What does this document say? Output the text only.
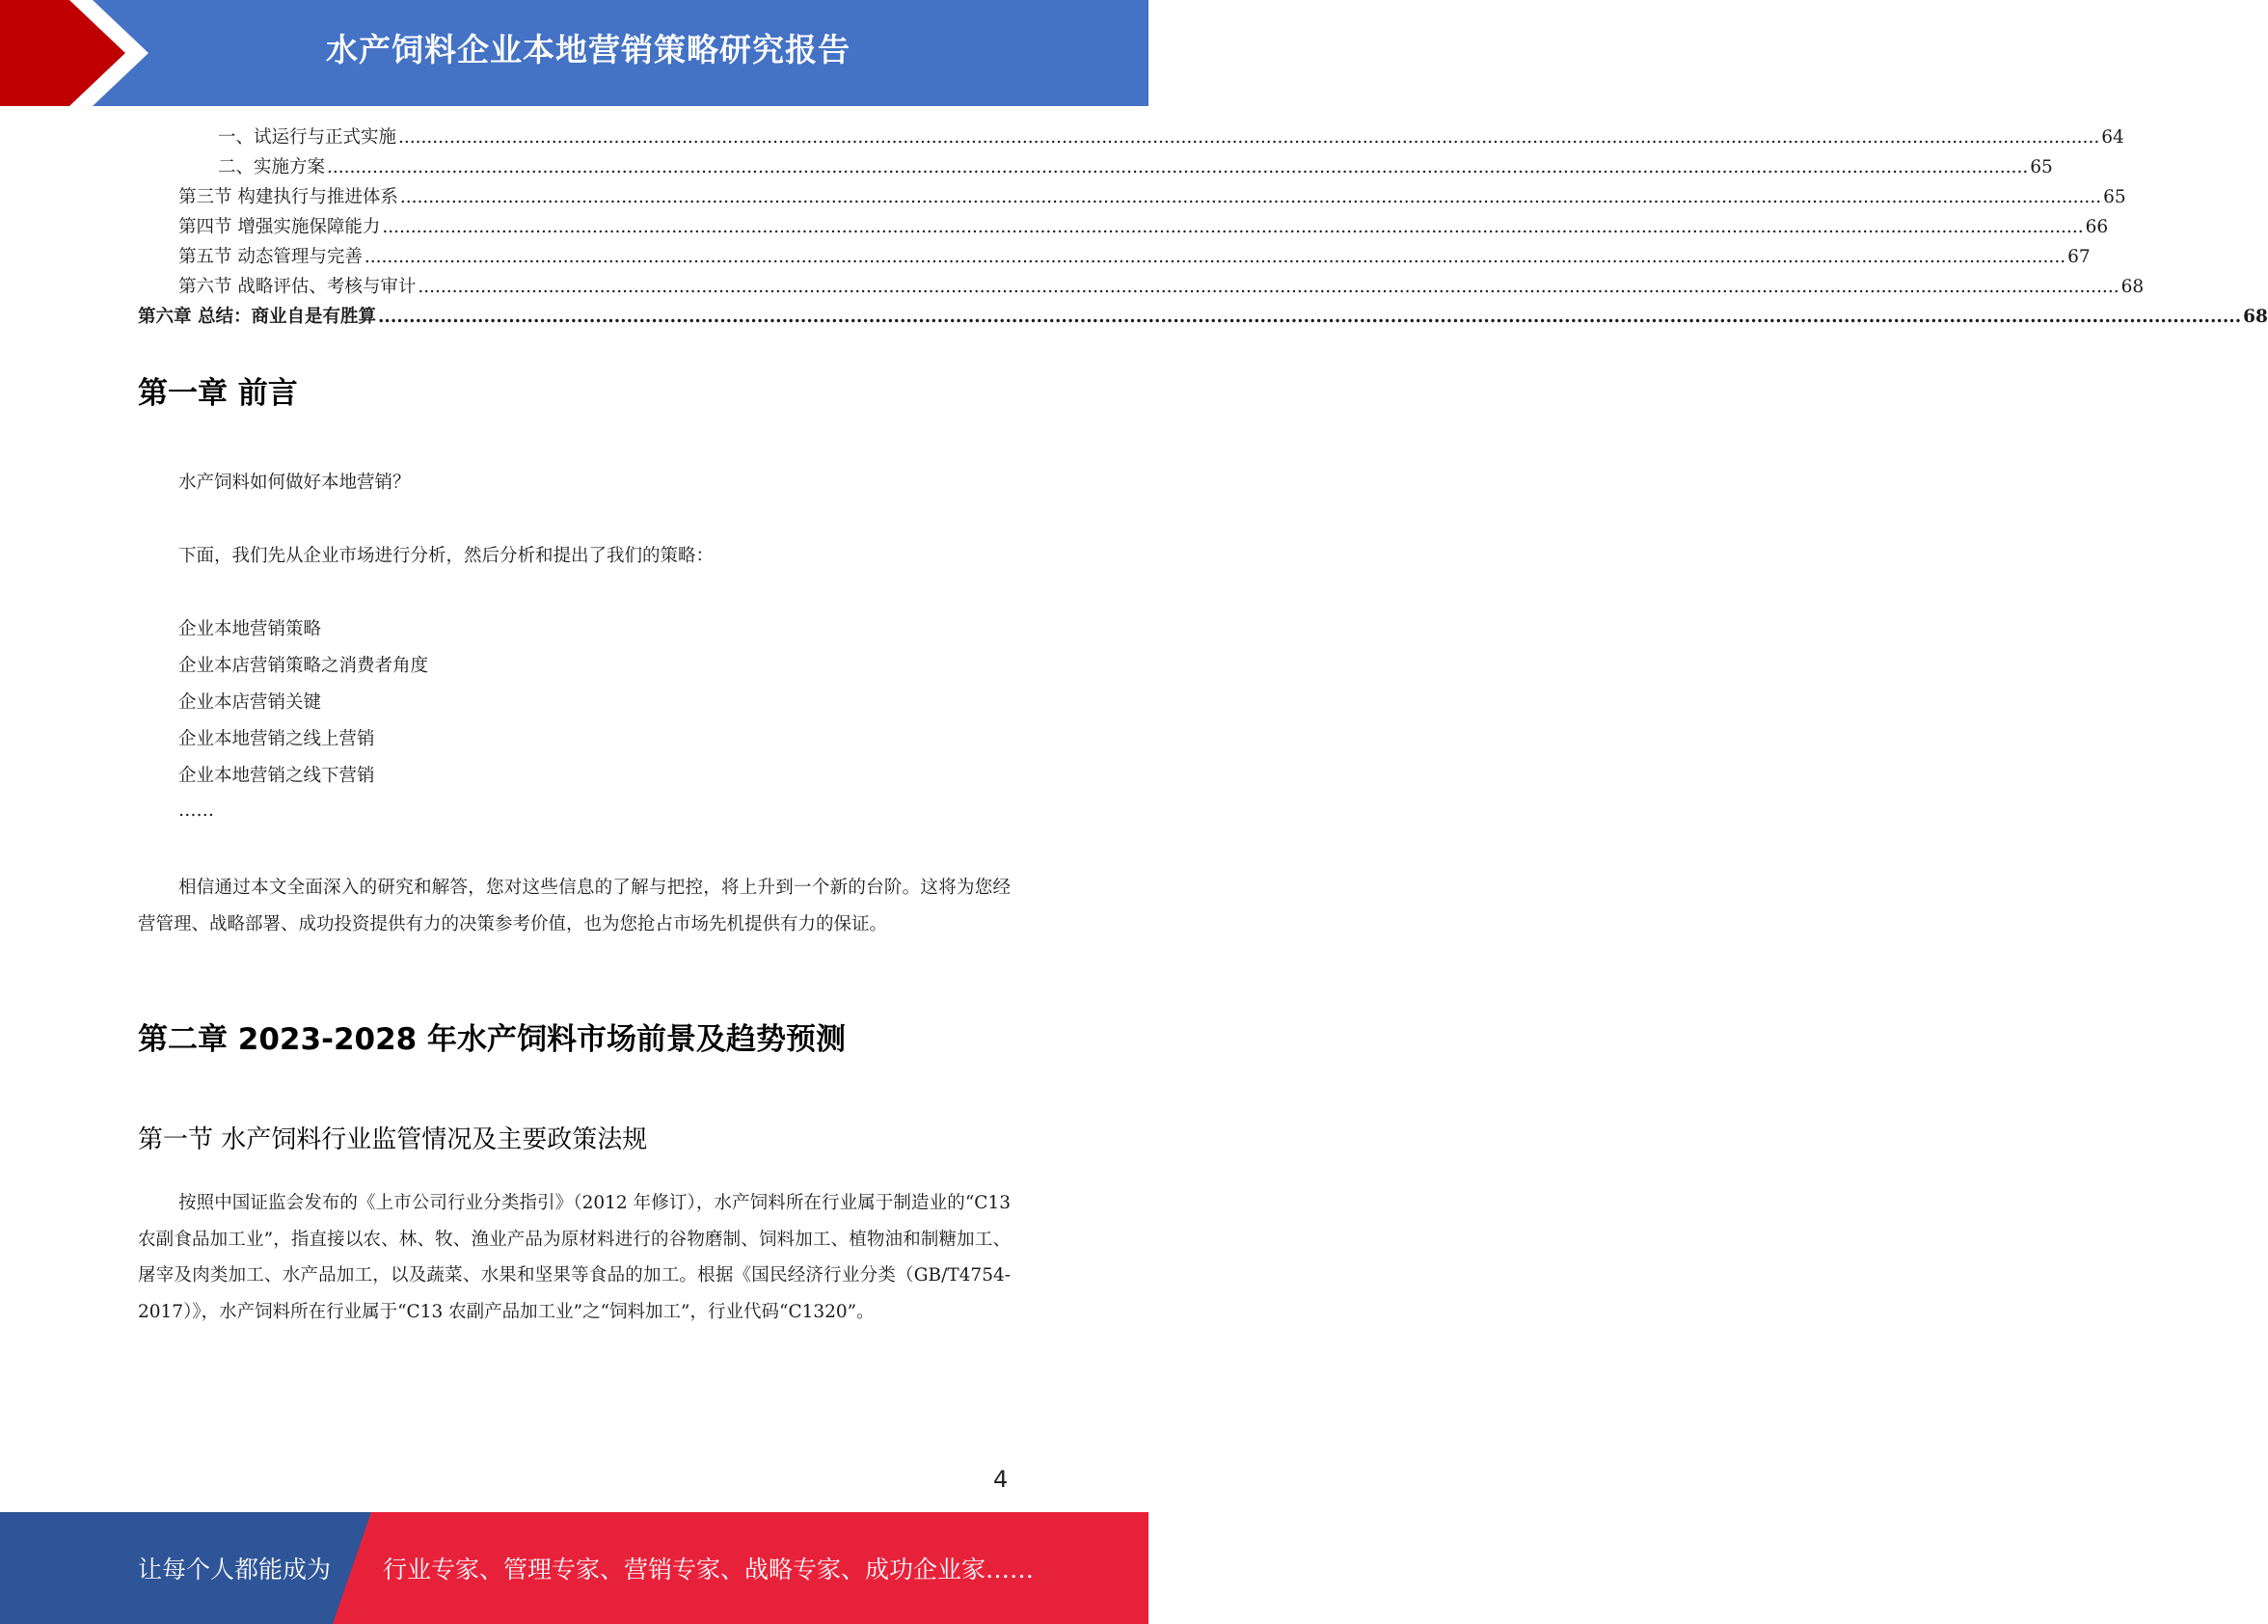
水产饲料企业本地营销策略研究报告
一、试运行与正式实施 ............................................................................................................................................................................................................................................................................................................ 64
二、实施方案 ............................................................................................................................................................................................................................................................................................................ 65
第三节 构建执行与推进体系 ............................................................................................................................................................................................................................................................................................................ 65
第四节 增强实施保障能力 ............................................................................................................................................................................................................................................................................................................ 66
第五节 动态管理与完善 ............................................................................................................................................................................................................................................................................................................ 67
第六节 战略评估、考核与审计 ............................................................................................................................................................................................................................................................................................................ 68
第六章 总结：商业自是有胜算 ............................................................................................................................................................................................................................................................................................................ 68
第一章 前言
水产饲料如何做好本地营销？
下面，我们先从企业市场进行分析，然后分析和提出了我们的策略：
企业本地营销策略
企业本店营销策略之消费者角度
企业本店营销关键
企业本地营销之线上营销
企业本地营销之线下营销
……
相信通过本文全面深入的研究和解答，您对这些信息的了解与把控，将上升到一个新的台阶。这将为您经营管理、战略部署、成功投资提供有力的决策参考价值，也为您抢占市场先机提供有力的保证。
第二章 2023-2028 年水产饲料市场前景及趋势预测
第一节 水产饲料行业监管情况及主要政策法规
按照中国证监会发布的《上市公司行业分类指引》（2012 年修订），水产饲料所在行业属于制造业的“C13 农副食品加工业”，指直接以农、林、牧、渔业产品为原材料进行的谷物磨制、饲料加工、植物油和制糖加工、屠宰及肉类加工、水产品加工，以及蔬菜、水果和坚果等食品的加工。根据《国民经济行业分类（GB/T4754-2017）》，水产饲料所在行业属于“C13 农副产品加工业”之“饲料加工”，行业代码“C1320”。
4
让每个人都能成为 行业专家、管理专家、营销专家、战略专家、成功企业家……
